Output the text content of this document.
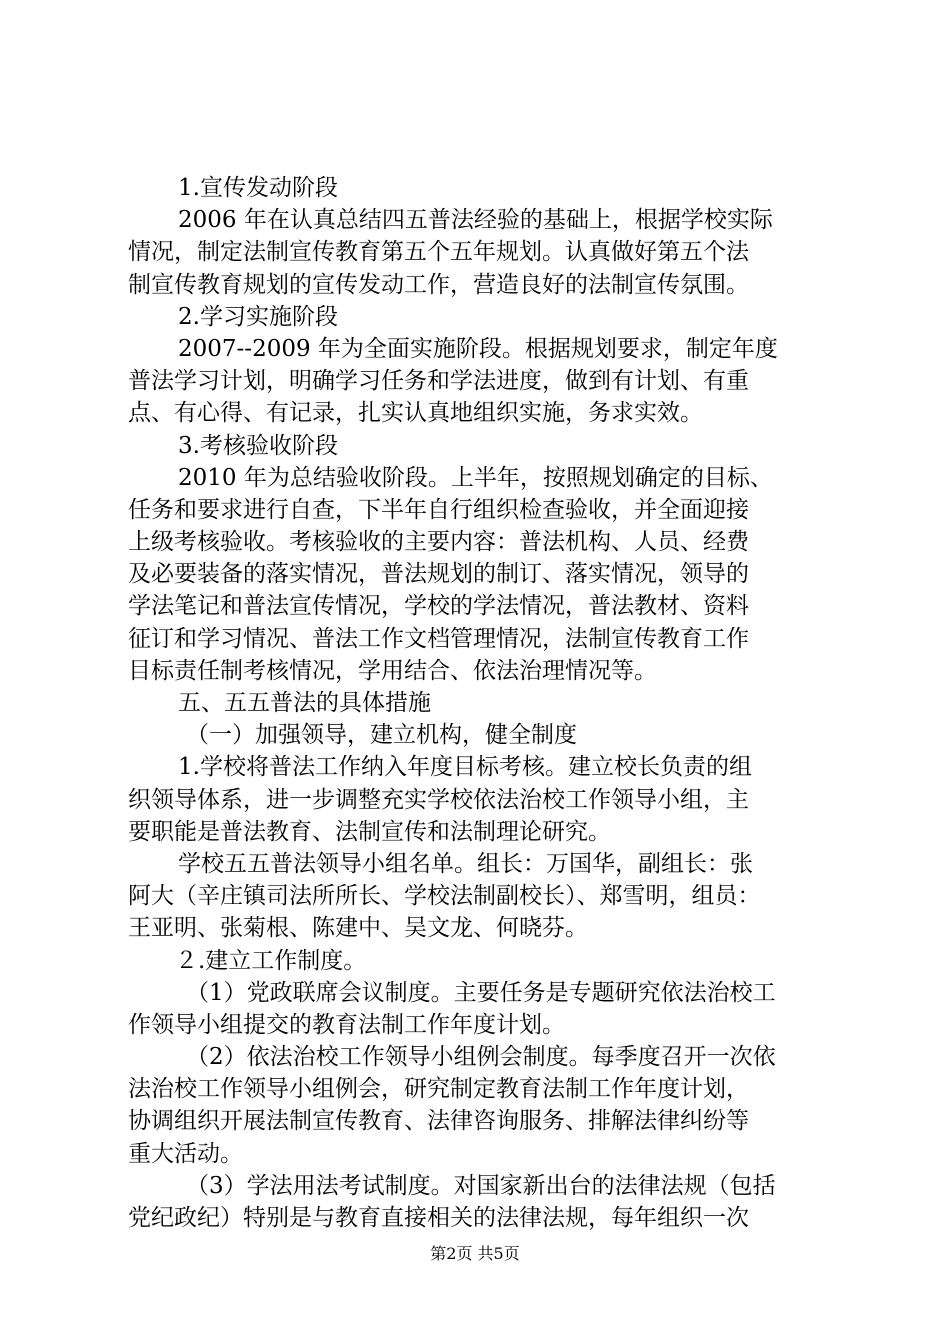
1.宣传发动阶段
2006 年在认真总结四五普法经验的基础上，根据学校实际
情况，制定法制宣传教育第五个五年规划。认真做好第五个法
制宣传教育规划的宣传发动工作，营造良好的法制宣传氛围。
2.学习实施阶段
2007--2009 年为全面实施阶段。根据规划要求，制定年度
普法学习计划，明确学习任务和学法进度，做到有计划、有重
点、有心得、有记录，扎实认真地组织实施，务求实效。
3.考核验收阶段
2010 年为总结验收阶段。上半年，按照规划确定的目标、
任务和要求进行自查，下半年自行组织检查验收，并全面迎接
上级考核验收。考核验收的主要内容：普法机构、人员、经费
及必要装备的落实情况，普法规划的制订、落实情况，领导的
学法笔记和普法宣传情况，学校的学法情况，普法教材、资料
征订和学习情况、普法工作文档管理情况，法制宣传教育工作
目标责任制考核情况，学用结合、依法治理情况等。
五、五五普法的具体措施
（一）加强领导，建立机构，健全制度
1.学校将普法工作纳入年度目标考核。建立校长负责的组
织领导体系，进一步调整充实学校依法治校工作领导小组，主
要职能是普法教育、法制宣传和法制理论研究。
学校五五普法领导小组名单。组长：万国华，副组长：张
阿大（辛庄镇司法所所长、学校法制副校长）、郑雪明，组员：
王亚明、张菊根、陈建中、吴文龙、何晓芬。
２.建立工作制度。
（1）党政联席会议制度。主要任务是专题研究依法治校工
作领导小组提交的教育法制工作年度计划。
（2）依法治校工作领导小组例会制度。每季度召开一次依
法治校工作领导小组例会，研究制定教育法制工作年度计划，
协调组织开展法制宣传教育、法律咨询服务、排解法律纠纷等
重大活动。
（3）学法用法考试制度。对国家新出台的法律法规（包括
党纪政纪）特别是与教育直接相关的法律法规，每年组织一次
第2页 共5页
